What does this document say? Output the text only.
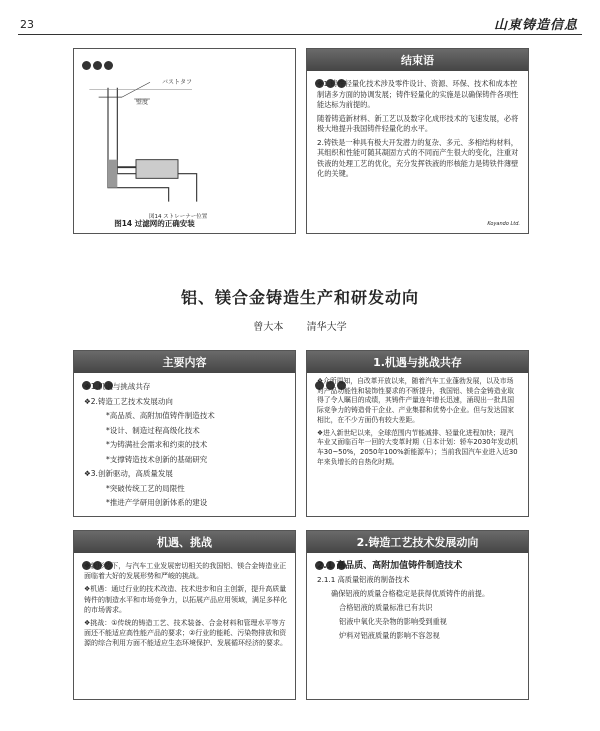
23	山東铸造信息
バストタフ
壁度
図14 ストレーナー位置
图14 过滤网的正确安装
结束语

❖1.铸件轻量化技术涉及零件设计、资源、环保、技术和成本控制诸多方面的协调发展；铸件轻量化的实施是以确保铸件各项性能达标为前提的。

随着铸造新材料、新工艺以及数字化成形技术的飞速发展，必将极大地提升我国铸件轻量化的水平。

2.铸铁是一种具有极大开发潜力的复杂、多元、多相结构材料，其组织和性能可随其凝固方式的不同而产生很大的变化，注重对铁液的处理工艺的优化，充分发挥铁液的形核能力是铸铁件薄壁化的关键。

Koyando Ltd.
铝、镁合金铸造生产和研发动向
曾大本 清华大学
主要内容

❖1.机遇与挑战共存

❖2.铸造工艺技术发展动向

*高品质、高附加值铸件制造技术

*设计、制造过程高级化技术

*为铸满社会需求和约束的技术

*支撑铸造技术创新的基础研究

❖3.创新驱动，高质量发展

*突破传统工艺的局限性

*推进产学研用创新体系的建设

1.机遇与挑战共存

❖众所周知，自改革开放以来，随着汽车工业蓬勃发展，以及市场对产品功能性和装饰性要求的不断提升，我国铝、镁合金铸造业取得了令人瞩目的成绩，其铸件产量连年增长迅速，涌现出一批具国际竞争力的铸造骨干企业、产业集群和优势小企业。但与发达国家相比，在不少方面仍有较大差距。

❖进入新世纪以来，全球范围内节能减排、轻量化进程加快；现汽车业又面临百年一回的大变革时期（日本计划：轿车2030年发动机车30~50%，2050年100%新能源车）；当前我国汽车业进入近30年来负增长的自热化时期。

机遇、挑战

❖新形势下，与汽车工业发展密切相关的我国铝、镁合金铸造业正面临着大好的发展形势和严峻的挑战。

❖机遇：通过行业的技术改造、技术进步和自主创新，提升高质量铸件的制造水平和市场竞争力，以拓展产品应用领域，满足多样化的市场需求。

❖挑战：①传统的铸造工艺、技术装备、合金材料和管理水平等方面还不能适应高性能产品的要求；②行业的能耗、污染物排放和资源的综合利用方面不能适应生态环境保护、发展循环经济的要求。

2.铸造工艺技术发展动向
2.1 高品质、高附加值铸件制造技术

2.1.1 高质量铝液的制备技术

确保铝液的质量合格稳定是获得优质铸件的前提。

合格铝液的质量标准已有共识

铝液中氧化夹杂物的影响受到重视

炉料对铝液质量的影响不容忽视
